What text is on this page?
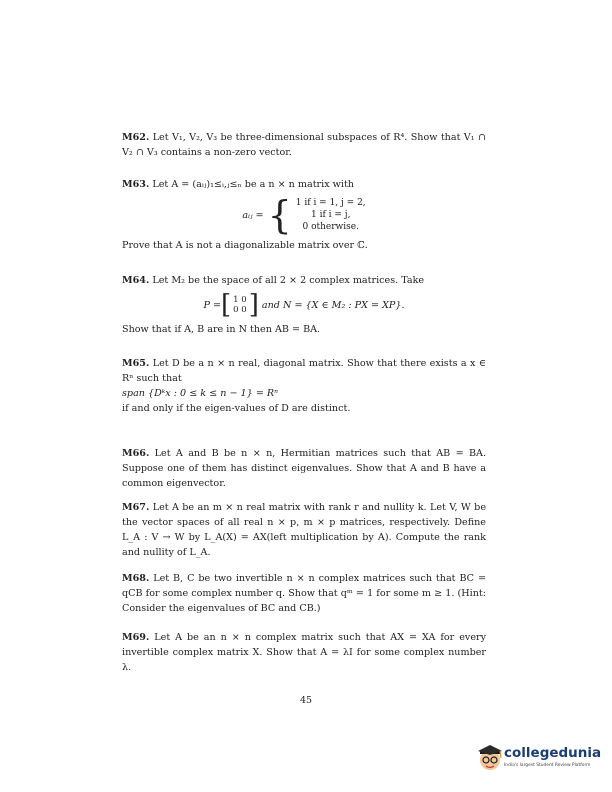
M62. Let V₁, V₂, V₃ be three-dimensional subspaces of R⁴. Show that V₁ ∩ V₂ ∩ V₃ contains a non-zero vector.

M63. Let A = (aᵢⱼ)₁≤ᵢ,ⱼ≤ₙ be a n × n matrix with

aᵢⱼ = { 1 if i = 1, j = 2,
1 if i = j,
0 otherwise.

Prove that A is not a diagonalizable matrix over ℂ.

M64. Let M₂ be the space of all 2 × 2 complex matrices. Take

P = [ 1 0
0 0 ]
and N = {X ∈ M₂ : PX = XP}.

Show that if A, B are in N then AB = BA.

M65. Let D be a n × n real, diagonal matrix. Show that there exists a x ∈ Rⁿ such that

span {Dᵏx : 0 ≤ k ≤ n − 1} = Rⁿ

if and only if the eigen-values of D are distinct.

M66. Let A and B be n × n, Hermitian matrices such that AB = BA. Suppose one of them has distinct eigenvalues. Show that A and B have a common eigenvector.

M67. Let A be an m × n real matrix with rank r and nullity k. Let V, W be the vector spaces of all real n × p, m × p matrices, respectively. Define L_A : V → W by L_A(X) = AX(left multiplication by A). Compute the rank and nullity of L_A.

M68. Let B, C be two invertible n × n complex matrices such that BC = qCB for some complex number q. Show that qᵐ = 1 for some m ≥ 1. (Hint: Consider the eigenvalues of BC and CB.)

M69. Let A be an n × n complex matrix such that AX = XA for every invertible complex matrix X. Show that A = λI for some complex number λ.

45
collegedunia
India's largest Student Review Platform
